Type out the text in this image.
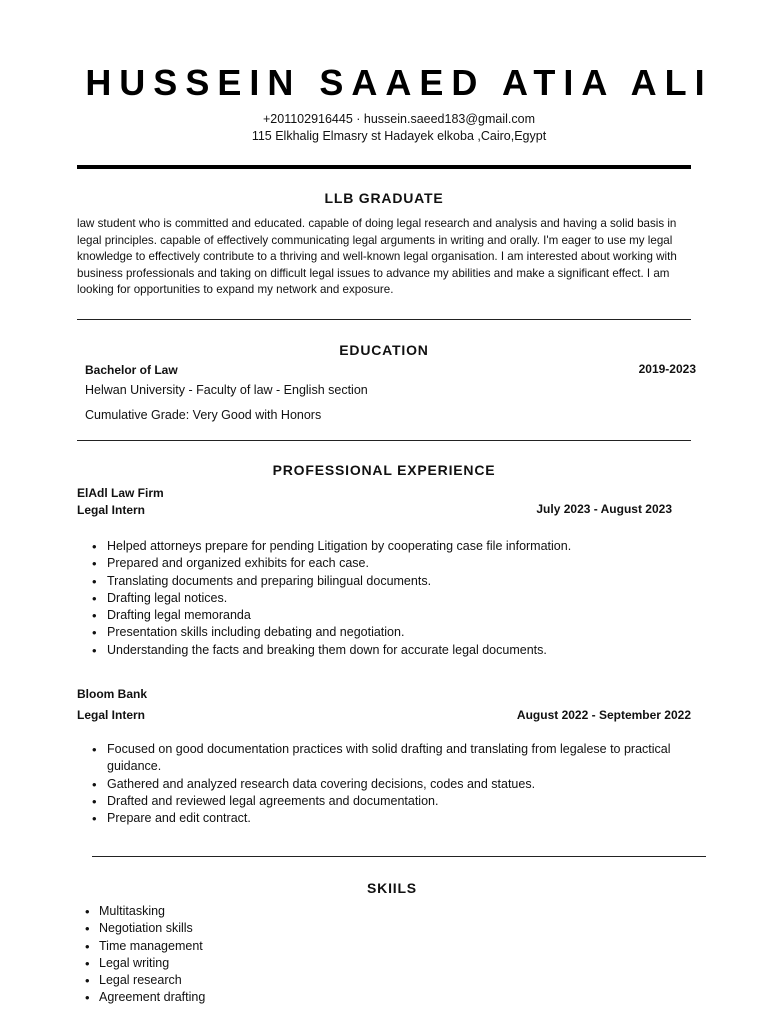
HUSSEIN SAAED ATIA ALI
+201102916445 · hussein.saeed183@gmail.com
115 Elkhalig Elmasry st Hadayek elkoba ,Cairo,Egypt
LLB GRADUATE
law student who is committed and educated. capable of doing legal research and analysis and having a solid basis in legal principles. capable of effectively communicating legal arguments in writing and orally. I'm eager to use my legal knowledge to effectively contribute to a thriving and well-known legal organisation. I am interested about working with business professionals and taking on difficult legal issues to advance my abilities and make a significant effect. I am looking for opportunities to expand my network and exposure.
EDUCATION
Bachelor of Law	2019-2023
Helwan University - Faculty of law - English section
Cumulative Grade: Very Good with Honors
PROFESSIONAL EXPERIENCE
ElAdl Law Firm
Legal Intern	July 2023 - August 2023
• Helped attorneys prepare for pending Litigation by cooperating case file information.
• Prepared and organized exhibits for each case.
• Translating documents and preparing bilingual documents.
• Drafting legal notices.
• Drafting legal memoranda
• Presentation skills including debating and negotiation.
• Understanding the facts and breaking them down for accurate legal documents.
Bloom Bank
Legal Intern	August 2022 - September 2022
• Focused on good documentation practices with solid drafting and translating from legalese to practical guidance.
• Gathered and analyzed research data covering decisions, codes and statues.
• Drafted and reviewed legal agreements and documentation.
• Prepare and edit contract.
SKIILS
• Multitasking
• Negotiation skills
• Time management
• Legal writing
• Legal research
• Agreement drafting
